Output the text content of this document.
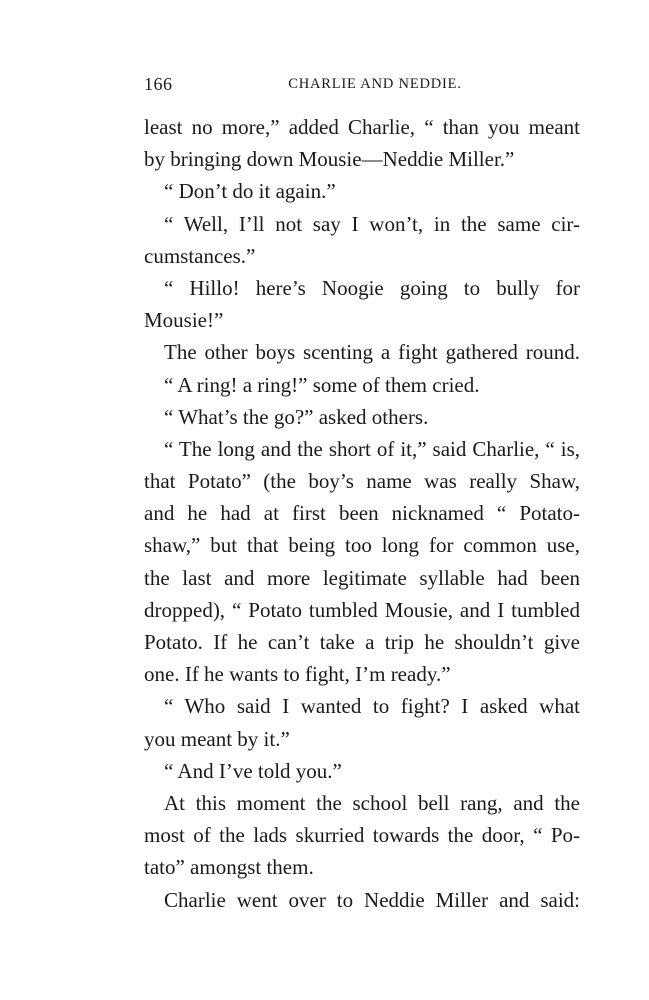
166	CHARLIE AND NEDDIE.
least no more,” added Charlie, “ than you meant
by bringing down Mousie—Neddie Miller.”
“ Don’t do it again.”
“ Well, I’ll not say I won’t, in the same cir-
cumstances.”
“ Hillo! here’s Noogie going to bully for
Mousie!”
The other boys scenting a fight gathered round.
“ A ring! a ring!” some of them cried.
“ What’s the go?” asked others.
“ The long and the short of it,” said Charlie, “ is,
that Potato” (the boy’s name was really Shaw,
and he had at first been nicknamed “ Potato-
shaw,” but that being too long for common use,
the last and more legitimate syllable had been
dropped), “ Potato tumbled Mousie, and I tumbled
Potato. If he can’t take a trip he shouldn’t give
one. If he wants to fight, I’m ready.”
“ Who said I wanted to fight? I asked what
you meant by it.”
“ And I’ve told you.”
At this moment the school bell rang, and the
most of the lads skurried towards the door, “ Po-
tato” amongst them.
Charlie went over to Neddie Miller and said:
